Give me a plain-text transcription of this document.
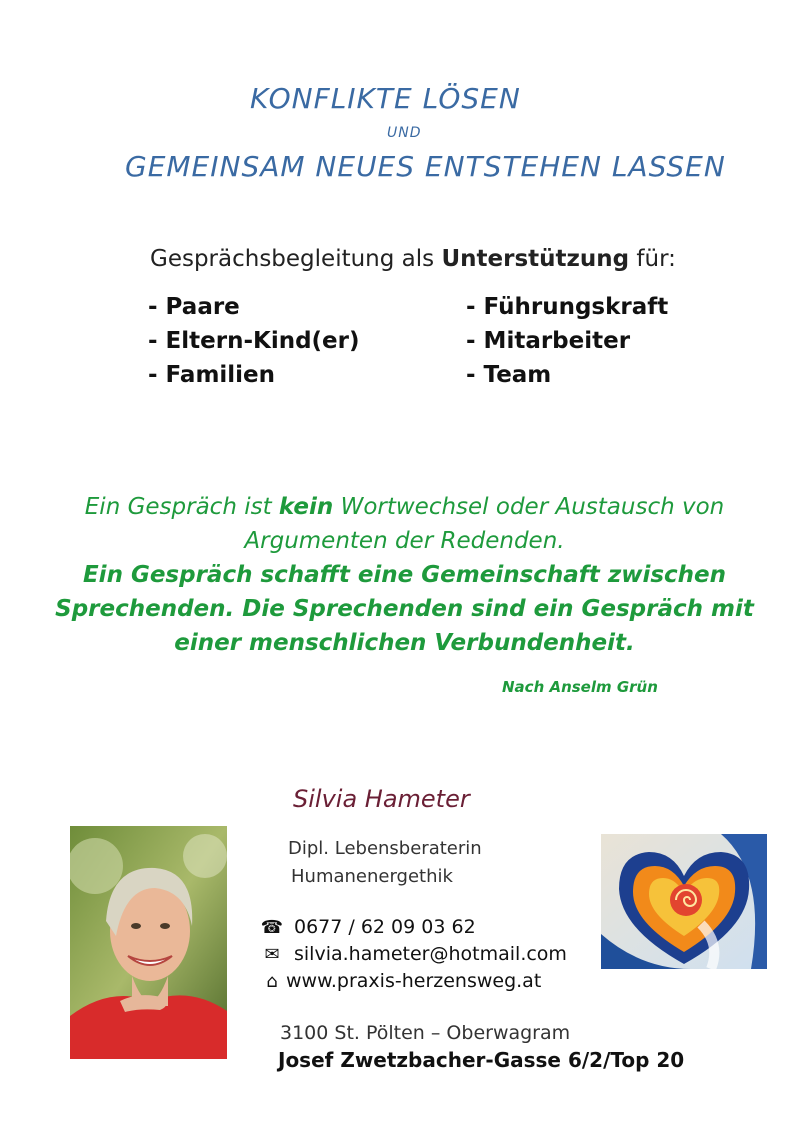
KONFLIKTE LÖSEN
UND
GEMEINSAM NEUES ENTSTEHEN LASSEN
Gesprächsbegleitung als Unterstützung für:
- Paare
- Eltern-Kind(er)
- Familien
- Führungskraft
- Mitarbeiter
- Team
Ein Gespräch ist kein Wortwechsel oder Austausch von Argumenten der Redenden.
Ein Gespräch schafft eine Gemeinschaft zwischen Sprechenden. Die Sprechenden sind ein Gespräch mit einer menschlichen Verbundenheit.
Nach Anselm Grün
Silvia Hameter
Dipl. Lebensberaterin
Humanenergethik
☎ 0677 / 62 09 03 62
✉ silvia.hameter@hotmail.com
⌂ www.praxis-herzensweg.at
3100 St. Pölten – Oberwagram
Josef Zwetzbacher-Gasse 6/2/Top 20
